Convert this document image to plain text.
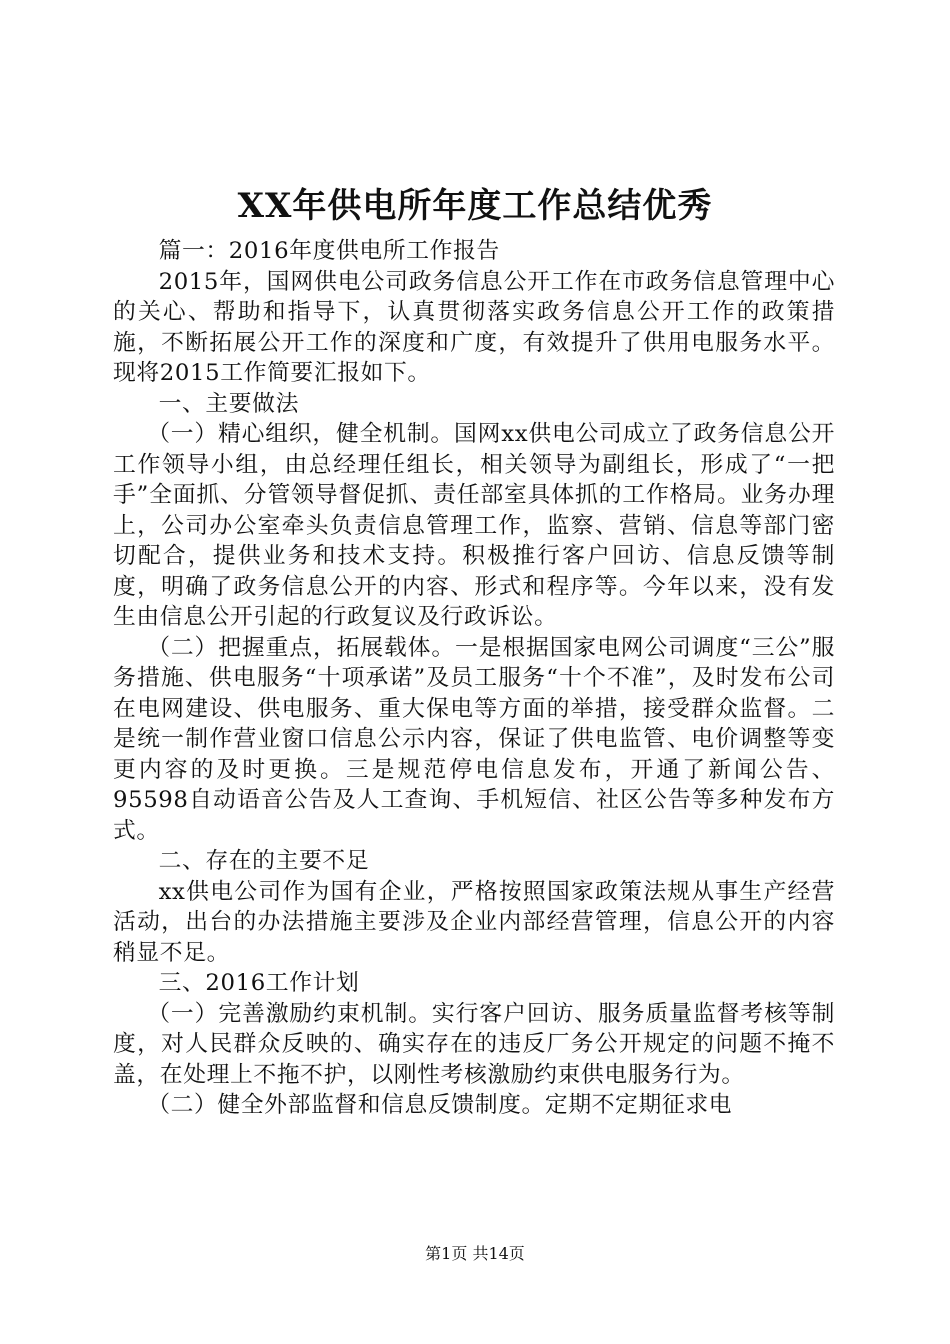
XX年供电所年度工作总结优秀

篇一：2016年度供电所工作报告

2015年，国网供电公司政务信息公开工作在市政务信息管理中心的关心、帮助和指导下，认真贯彻落实政务信息公开工作的政策措施，不断拓展公开工作的深度和广度，有效提升了供用电服务水平。现将2015工作简要汇报如下。

一、主要做法

（一）精心组织，健全机制。国网xx供电公司成立了政务信息公开工作领导小组，由总经理任组长，相关领导为副组长，形成了“一把手”全面抓、分管领导督促抓、责任部室具体抓的工作格局。业务办理上，公司办公室牵头负责信息管理工作，监察、营销、信息等部门密切配合，提供业务和技术支持。积极推行客户回访、信息反馈等制度，明确了政务信息公开的内容、形式和程序等。今年以来，没有发生由信息公开引起的行政复议及行政诉讼。

（二）把握重点，拓展载体。一是根据国家电网公司调度“三公”服务措施、供电服务“十项承诺”及员工服务“十个不准”，及时发布公司在电网建设、供电服务、重大保电等方面的举措，接受群众监督。二是统一制作营业窗口信息公示内容，保证了供电监管、电价调整等变更内容的及时更换。三是规范停电信息发布，开通了新闻公告、95598自动语音公告及人工查询、手机短信、社区公告等多种发布方式。

二、存在的主要不足

xx供电公司作为国有企业，严格按照国家政策法规从事生产经营活动，出台的办法措施主要涉及企业内部经营管理，信息公开的内容稍显不足。

三、2016工作计划

（一）完善激励约束机制。实行客户回访、服务质量监督考核等制度，对人民群众反映的、确实存在的违反厂务公开规定的问题不掩不盖，在处理上不拖不护，以刚性考核激励约束供电服务行为。

（二）健全外部监督和信息反馈制度。定期不定期征求电

第1页 共14页
